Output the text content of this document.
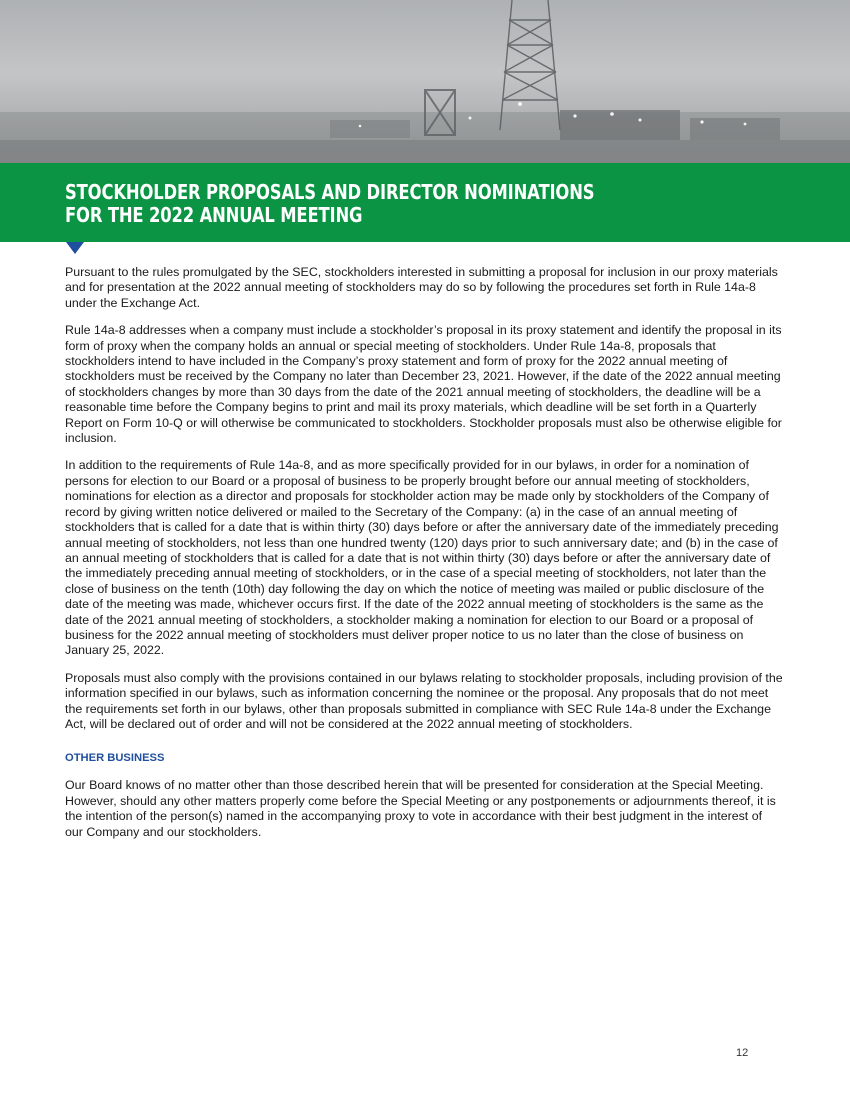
STOCKHOLDER PROPOSALS AND DIRECTOR NOMINATIONS
FOR THE 2022 ANNUAL MEETING

Pursuant to the rules promulgated by the SEC, stockholders interested in submitting a proposal for inclusion in our proxy materials and for presentation at the 2022 annual meeting of stockholders may do so by following the procedures set forth in Rule 14a-8 under the Exchange Act.

Rule 14a-8 addresses when a company must include a stockholder’s proposal in its proxy statement and identify the proposal in its form of proxy when the company holds an annual or special meeting of stockholders. Under Rule 14a-8, proposals that stockholders intend to have included in the Company’s proxy statement and form of proxy for the 2022 annual meeting of stockholders must be received by the Company no later than December 23, 2021. However, if the date of the 2022 annual meeting of stockholders changes by more than 30 days from the date of the 2021 annual meeting of stockholders, the deadline will be a reasonable time before the Company begins to print and mail its proxy materials, which deadline will be set forth in a Quarterly Report on Form 10-Q or will otherwise be communicated to stockholders. Stockholder proposals must also be otherwise eligible for inclusion.

In addition to the requirements of Rule 14a-8, and as more specifically provided for in our bylaws, in order for a nomination of persons for election to our Board or a proposal of business to be properly brought before our annual meeting of stockholders, nominations for election as a director and proposals for stockholder action may be made only by stockholders of the Company of record by giving written notice delivered or mailed to the Secretary of the Company: (a) in the case of an annual meeting of stockholders that is called for a date that is within thirty (30) days before or after the anniversary date of the immediately preceding annual meeting of stockholders, not less than one hundred twenty (120) days prior to such anniversary date; and (b) in the case of an annual meeting of stockholders that is called for a date that is not within thirty (30) days before or after the anniversary date of the immediately preceding annual meeting of stockholders, or in the case of a special meeting of stockholders, not later than the close of business on the tenth (10th) day following the day on which the notice of meeting was mailed or public disclosure of the date of the meeting was made, whichever occurs first. If the date of the 2022 annual meeting of stockholders is the same as the date of the 2021 annual meeting of stockholders, a stockholder making a nomination for election to our Board or a proposal of business for the 2022 annual meeting of stockholders must deliver proper notice to us no later than the close of business on January 25, 2022.

Proposals must also comply with the provisions contained in our bylaws relating to stockholder proposals, including provision of the information specified in our bylaws, such as information concerning the nominee or the proposal. Any proposals that do not meet the requirements set forth in our bylaws, other than proposals submitted in compliance with SEC Rule 14a-8 under the Exchange Act, will be declared out of order and will not be considered at the 2022 annual meeting of stockholders.

OTHER BUSINESS

Our Board knows of no matter other than those described herein that will be presented for consideration at the Special Meeting. However, should any other matters properly come before the Special Meeting or any postponements or adjournments thereof, it is the intention of the person(s) named in the accompanying proxy to vote in accordance with their best judgment in the interest of our Company and our stockholders.

12
